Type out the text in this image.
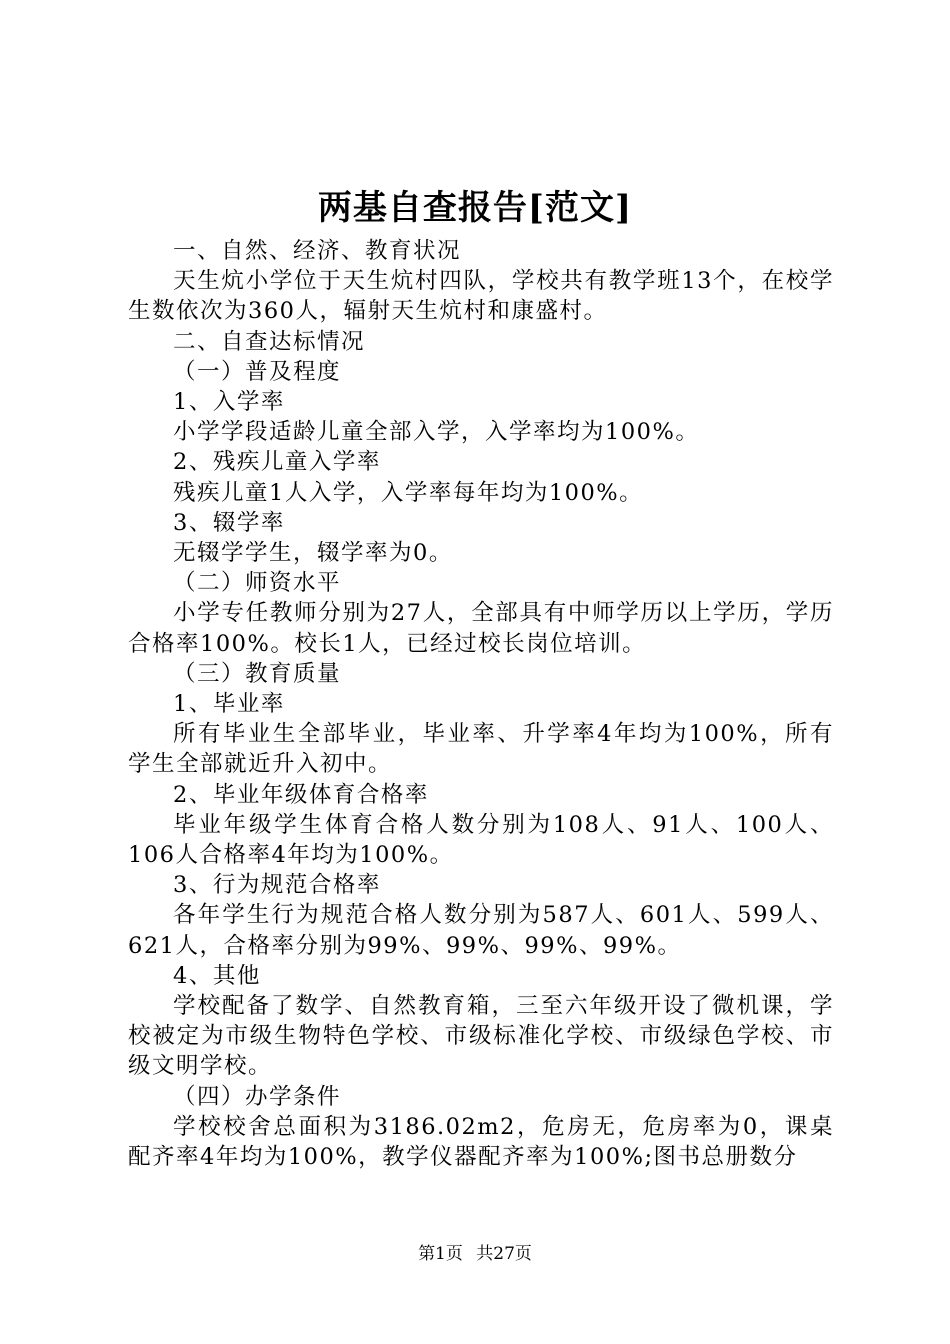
两基自查报告[范文]

一、自然、经济、教育状况

天生炕小学位于天生炕村四队，学校共有教学班13个，在校学生数依次为360人，辐射天生炕村和康盛村。

二、自查达标情况

（一）普及程度

1、入学率

小学学段适龄儿童全部入学，入学率均为100%。

2、残疾儿童入学率

残疾儿童1人入学，入学率每年均为100%。

3、辍学率

无辍学学生，辍学率为0。

（二）师资水平

小学专任教师分别为27人，全部具有中师学历以上学历，学历合格率100%。校长1人，已经过校长岗位培训。

（三）教育质量

1、毕业率

所有毕业生全部毕业，毕业率、升学率4年均为100%，所有学生全部就近升入初中。

2、毕业年级体育合格率

毕业年级学生体育合格人数分别为108人、91人、100人、106人合格率4年均为100%。

3、行为规范合格率

各年学生行为规范合格人数分别为587人、601人、599人、621人，合格率分别为99%、99%、99%、99%。

4、其他

学校配备了数学、自然教育箱，三至六年级开设了微机课，学校被定为市级生物特色学校、市级标准化学校、市级绿色学校、市级文明学校。

（四）办学条件

学校校舍总面积为3186.02m2，危房无，危房率为0，课桌配齐率4年均为100%，教学仪器配齐率为100%;图书总册数分

第1页 共27页
